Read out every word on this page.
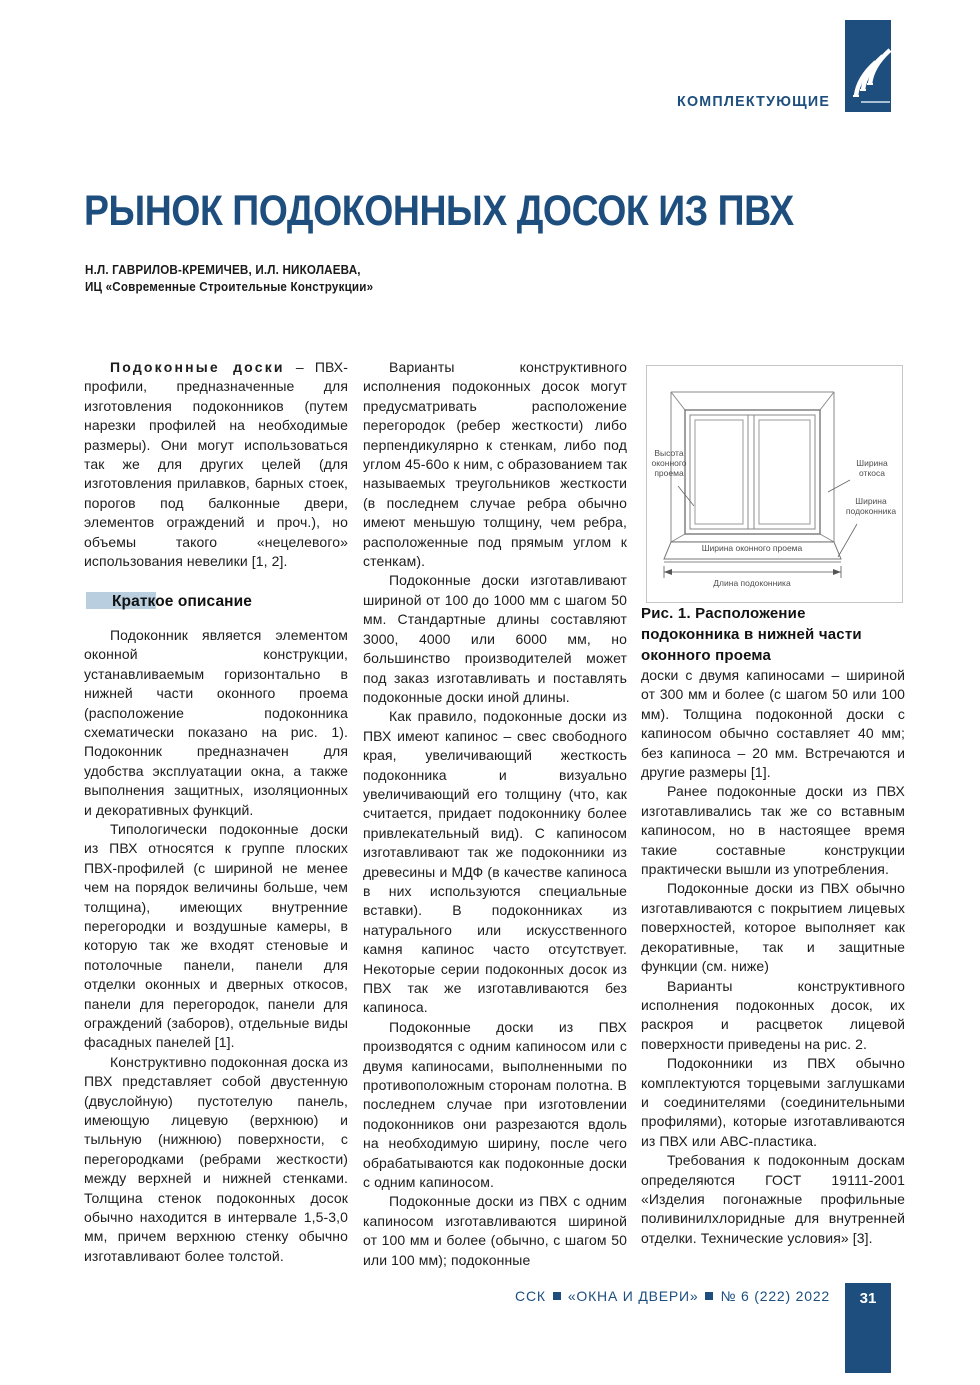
КОМПЛЕКТУЮЩИЕ
РЫНОК ПОДОКОННЫХ ДОСОК ИЗ ПВХ
Н.Л. ГАВРИЛОВ-КРЕМИЧЕВ, И.Л. НИКОЛАЕВА,
ИЦ «Современные Строительные Конструкции»

Подоконные доски – ПВХ-профили, предназначенные для изготовления подоконников (путем нарезки профилей на необходимые размеры). Они могут использоваться так же для других целей (для изготовления прилавков, барных стоек, порогов под балконные двери, элементов ограждений и проч.), но объемы такого «нецелевого» использования невелики [1, 2].

Краткое описание

Подоконник является элементом оконной конструкции, устанавливаемым горизонтально в нижней части оконного проема (расположение подоконника схематически показано на рис. 1). Подоконник предназначен для удобства эксплуатации окна, а также выполнения защитных, изоляционных и декоративных функций.

Типологически подоконные доски из ПВХ относятся к группе плоских ПВХ-профилей (с шириной не менее чем на порядок величины больше, чем толщина), имеющих внутренние перегородки и воздушные камеры, в которую так же входят стеновые и потолочные панели, панели для отделки оконных и дверных откосов, панели для перегородок, панели для ограждений (заборов), отдельные виды фасадных панелей [1].

Конструктивно подоконная доска из ПВХ представляет собой двустенную (двуслойную) пустотелую панель, имеющую лицевую (верхнюю) и тыльную (нижнюю) поверхности, с перегородками (ребрами жесткости) между верхней и нижней стенками. Толщина стенок подоконных досок обычно находится в интервале 1,5-3,0 мм, причем верхнюю стенку обычно изготавливают более толстой.

Варианты конструктивного исполнения подоконных досок могут предусматривать расположение перегородок (ребер жесткости) либо перпендикулярно к стенкам, либо под углом 45-60о к ним, с образованием так называемых треугольников жесткости (в последнем случае ребра обычно имеют меньшую толщину, чем ребра, расположенные под прямым углом к стенкам).

Подоконные доски изготавливают шириной от 100 до 1000 мм с шагом 50 мм. Стандартные длины составляют 3000, 4000 или 6000 мм, но большинство производителей может под заказ изготавливать и поставлять подоконные доски иной длины.

Как правило, подоконные доски из ПВХ имеют капинос – свес свободного края, увеличивающий жесткость подоконника и визуально увеличивающий его толщину (что, как считается, придает подоконнику более привлекательный вид). С капиносом изготавливают так же подоконники из древесины и МДФ (в качестве капиноса в них используются специальные вставки). В подоконниках из натурального или искусственного камня капинос часто отсутствует. Некоторые серии подоконных досок из ПВХ так же изготавливаются без капиноса.

Подоконные доски из ПВХ производятся с одним капиносом или с двумя капиносами, выполненными по противоположным сторонам полотна. В последнем случае при изготовлении подоконников они разрезаются вдоль на необходимую ширину, после чего обрабатываются как подоконные доски с одним капиносом.

Подоконные доски из ПВХ с одним капиносом изготавливаются шириной от 100 мм и более (обычно, с шагом 50 или 100 мм); подоконные

Высота оконного проема
Ширина откоса
Ширина подоконника
Ширина оконного проема
Длина подоконника

Рис. 1. Расположение подоконника в нижней части оконного проема

доски с двумя капиносами – шириной от 300 мм и более (с шагом 50 или 100 мм). Толщина подоконной доски с капиносом обычно составляет 40 мм; без капиноса – 20 мм. Встречаются и другие размеры [1].

Ранее подоконные доски из ПВХ изготавливались так же со вставным капиносом, но в настоящее время такие составные конструкции практически вышли из употребления.

Подоконные доски из ПВХ обычно изготавливаются с покрытием лицевых поверхностей, которое выполняет как декоративные, так и защитные функции (см. ниже)

Варианты конструктивного исполнения подоконных досок, их раскроя и расцветок лицевой поверхности приведены на рис. 2.

Подоконники из ПВХ обычно комплектуются торцевыми заглушками и соединителями (соединительными профилями), которые изготавливаются из ПВХ или АВС-пластика.

Требования к подоконным доскам определяются ГОСТ 19111-2001 «Изделия погонажные профильные поливинилхлоридные для внутренней отделки. Технические условия» [3].

ССК «ОКНА И ДВЕРИ» № 6 (222) 2022	31
